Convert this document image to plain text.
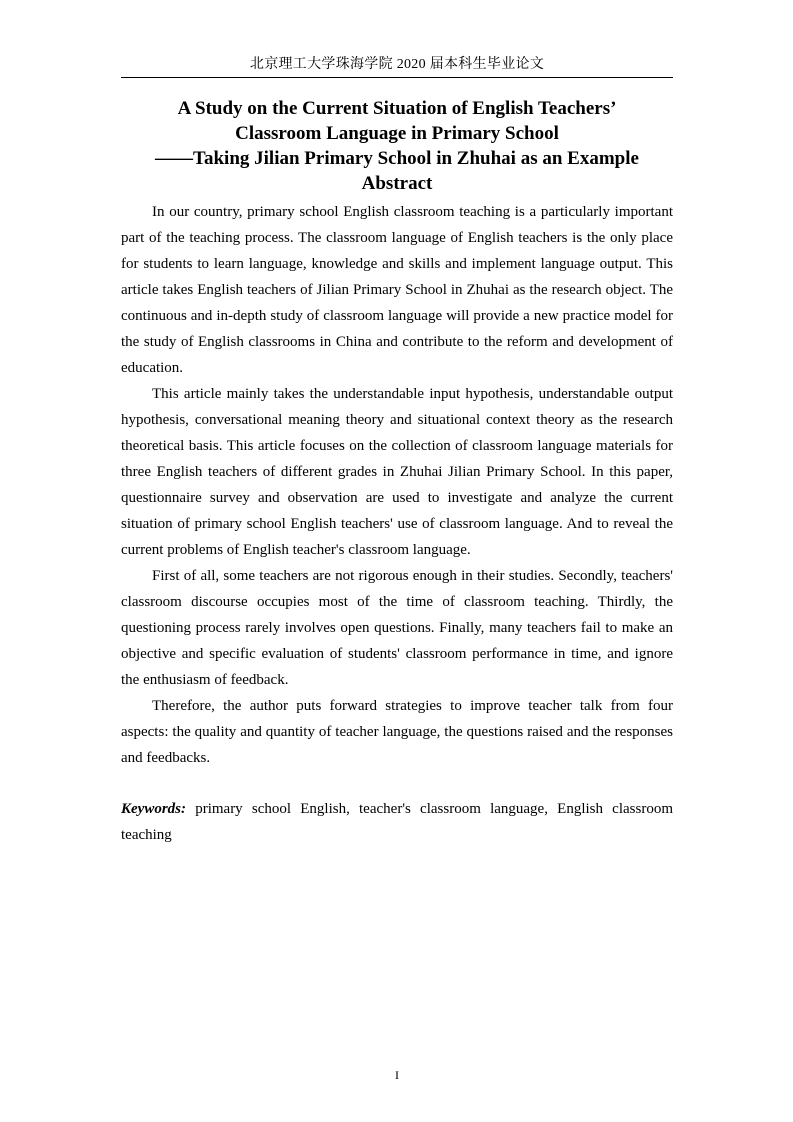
北京理工大学珠海学院 2020 届本科生毕业论文
A Study on the Current Situation of English Teachers’
Classroom Language in Primary School
——Taking Jilian Primary School in Zhuhai as an Example
Abstract

In our country, primary school English classroom teaching is a particularly important part of the teaching process. The classroom language of English teachers is the only place for students to learn language, knowledge and skills and implement language output. This article takes English teachers of Jilian Primary School in Zhuhai as the research object. The continuous and in-depth study of classroom language will provide a new practice model for the study of English classrooms in China and contribute to the reform and development of education.

This article mainly takes the understandable input hypothesis, understandable output hypothesis, conversational meaning theory and situational context theory as the research theoretical basis. This article focuses on the collection of classroom language materials for three English teachers of different grades in Zhuhai Jilian Primary School. In this paper, questionnaire survey and observation are used to investigate and analyze the current situation of primary school English teachers' use of classroom language. And to reveal the current problems of English teacher's classroom language.

First of all, some teachers are not rigorous enough in their studies. Secondly, teachers' classroom discourse occupies most of the time of classroom teaching. Thirdly, the questioning process rarely involves open questions. Finally, many teachers fail to make an objective and specific evaluation of students' classroom performance in time, and ignore the enthusiasm of feedback.

Therefore, the author puts forward strategies to improve teacher talk from four aspects: the quality and quantity of teacher language, the questions raised and the responses and feedbacks.

Keywords: primary school English, teacher's classroom language, English classroom teaching
I
